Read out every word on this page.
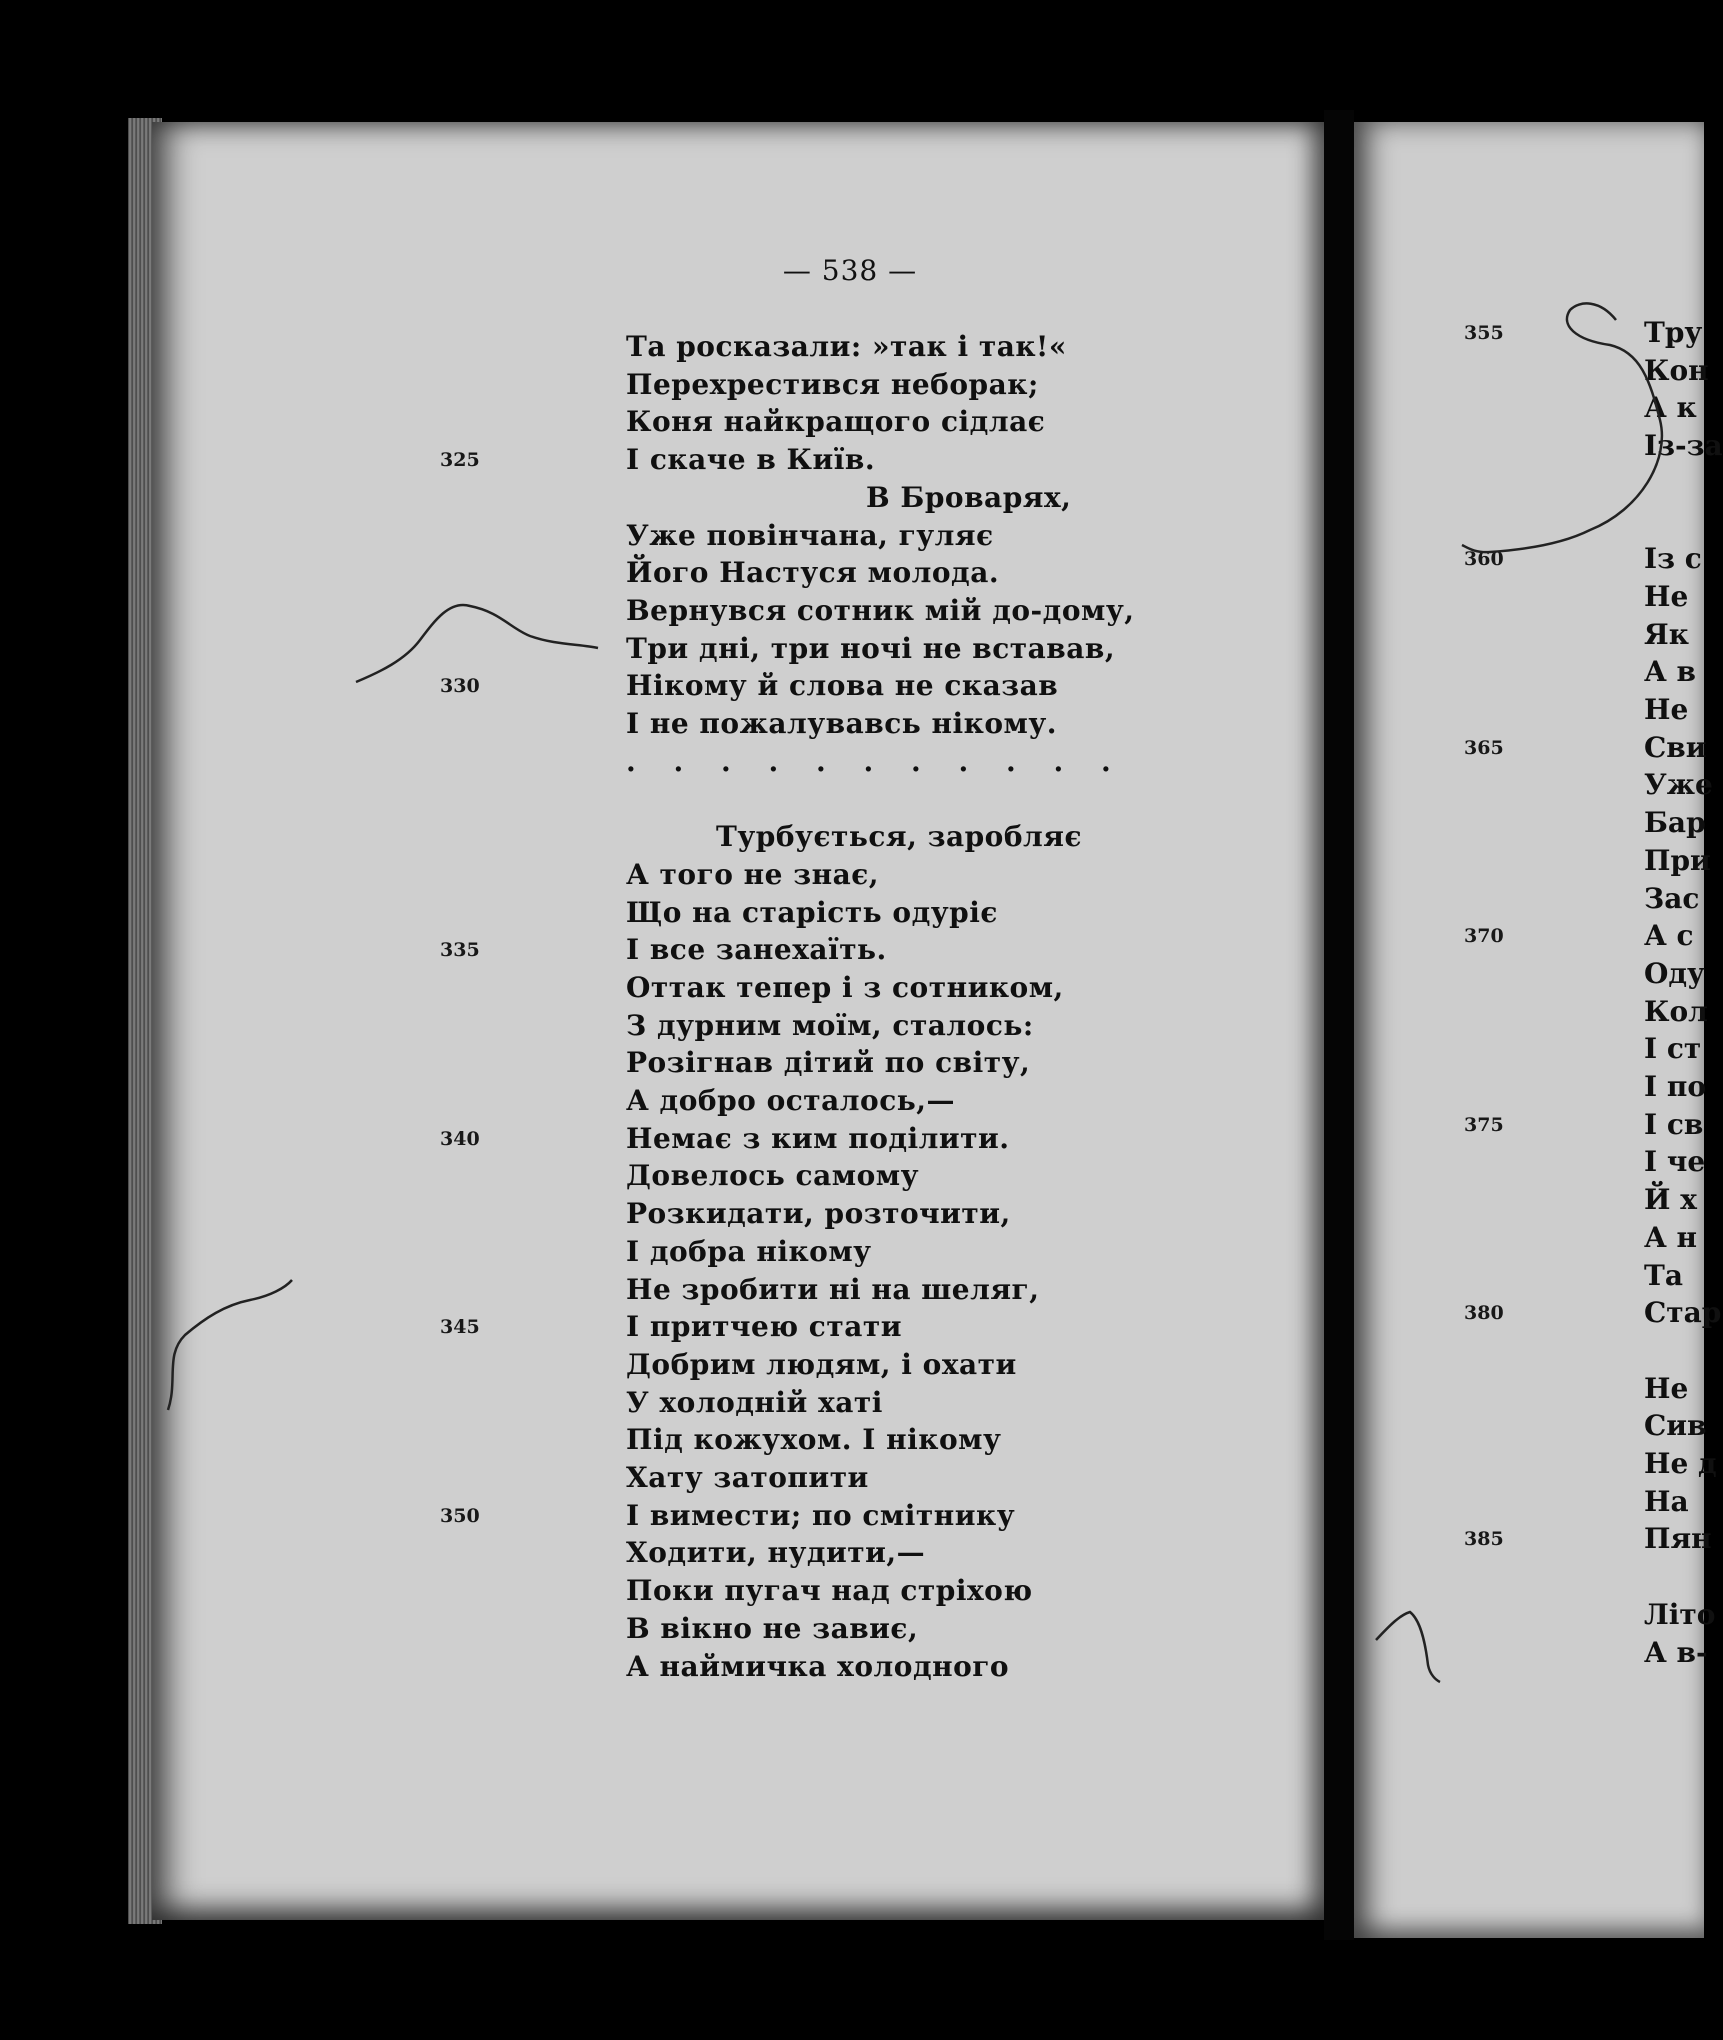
— 538 —
Та росказали: »так і так!«
Перехрестився неборак;
Коня найкращого сідлає
І скаче в Київ.
В Броварях,
Уже повінчана, гуляє
Його Настуся молода.
Вернувся сотник мій до-дому,
Три дні, три ночі не вставав,
Нікому й слова не сказав
І не пожалувавсь нікому.
. . . . . . . . . . .
Турбується, заробляє
А того не знає,
Що на старість одуріє
І все занехаїть.
Оттак тепер і з сотником,
З дурним моїм, сталось:
Розігнав дітий по світу,
А добро осталось,—
Немає з ким поділити.
Довелось самому
Розкидати, розточити,
І добра нікому
Не зробити ні на шеляг,
І притчею стати
Добрим людям, і охати
У холодній хаті
Під кожухом. І нікому
Хату затопити
І вимести; по смітнику
Ходити, нудити,—
Поки пугач над стріхою
В вікно не завиє,
А наймичка холодного
325
330
335
340
345
350
Тру
Кон
А к
Із-за
Із с
Не
Як
А в
Не
Сви
Уже
Бар
При
Зас
А с
Оду
Кол
І ст
І по
І св
І че
Й х
А н
Та
Стар
Не
Сив
Не д
На
Пян
Літо
А в-
355
360
365
370
375
380
385
